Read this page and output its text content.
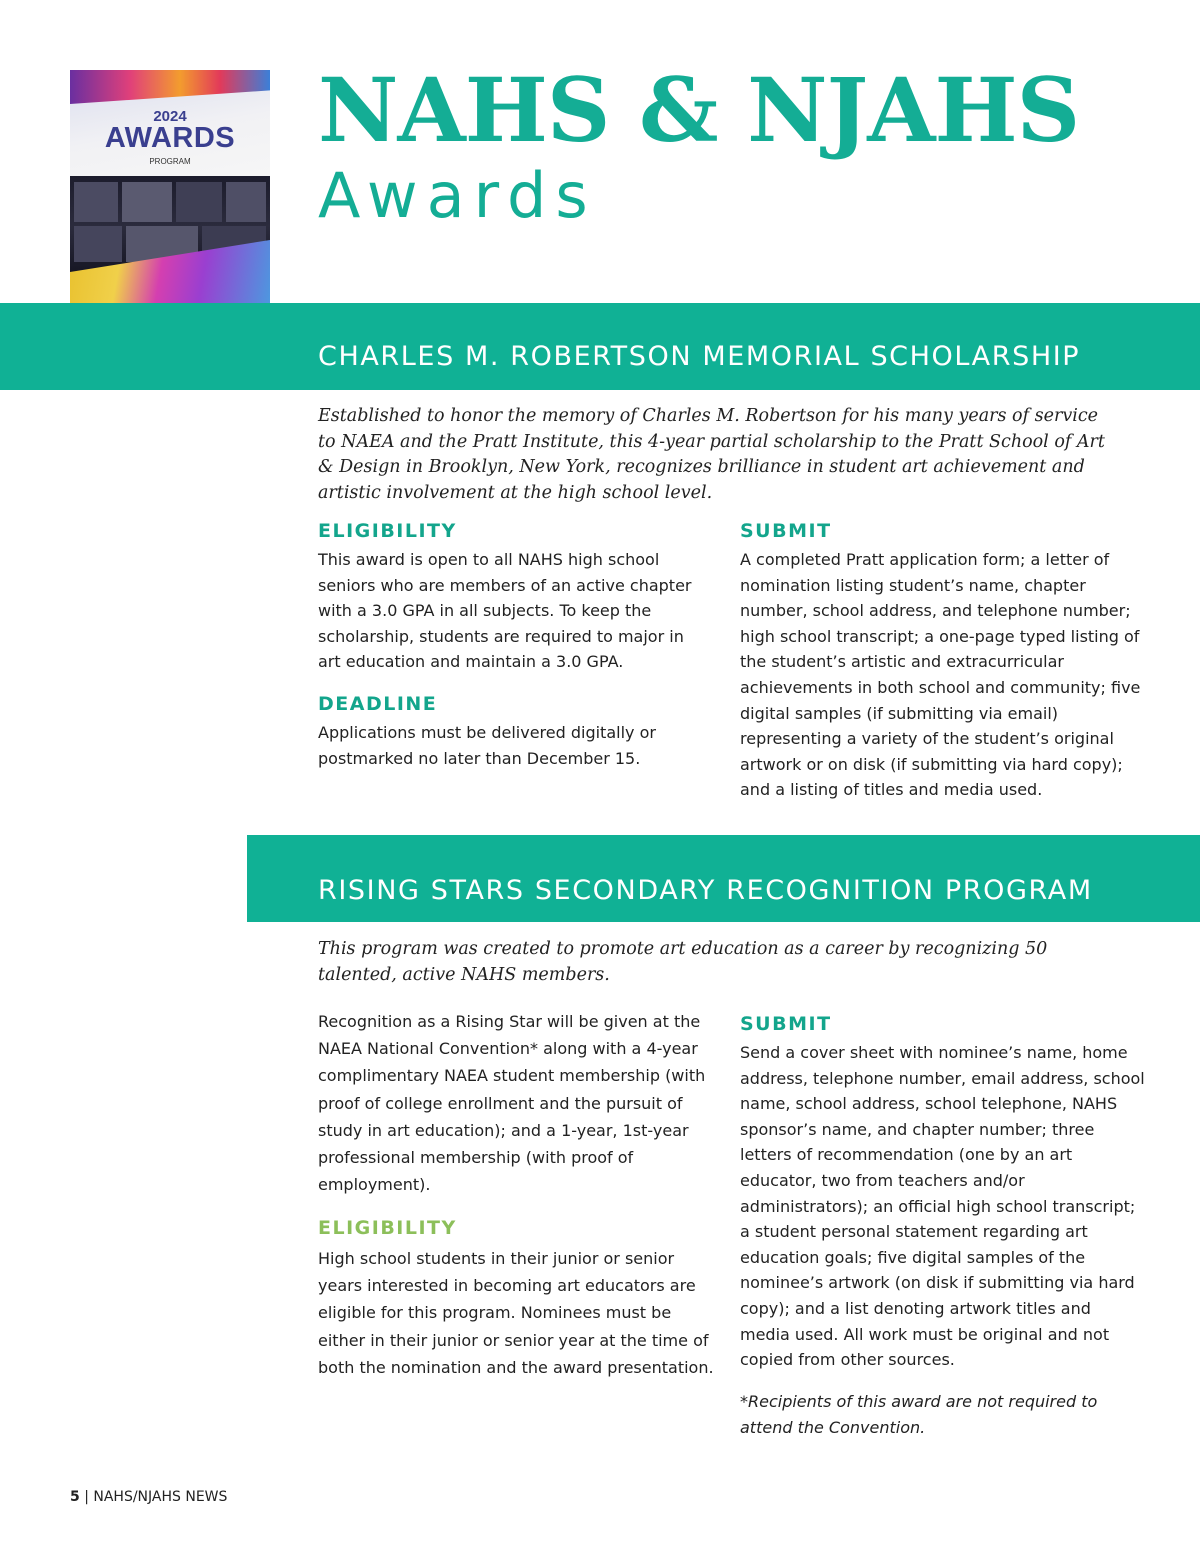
2024
AWARDS
PROGRAM	NAHS & NJAHS
Awards
CHARLES M. ROBERTSON MEMORIAL SCHOLARSHIP
Established to honor the memory of Charles M. Robertson for his many years of service to NAEA and the Pratt Institute, this 4-year partial scholarship to the Pratt School of Art & Design in Brooklyn, New York, recognizes brilliance in student art achievement and artistic involvement at the high school level.
ELIGIBILITY
This award is open to all NAHS high school seniors who are members of an active chapter with a 3.0 GPA in all subjects. To keep the scholarship, students are required to major in art education and maintain a 3.0 GPA.
DEADLINE
Applications must be delivered digitally or postmarked no later than December 15.
SUBMIT
A completed Pratt application form; a letter of nomination listing student’s name, chapter number, school address, and telephone number; high school transcript; a one-page typed listing of the student’s artistic and extracurricular achievements in both school and community; five digital samples (if submitting via email) representing a variety of the student’s original artwork or on disk (if submitting via hard copy); and a listing of titles and media used.
RISING STARS SECONDARY RECOGNITION PROGRAM
This program was created to promote art education as a career by recognizing 50 talented, active NAHS members.
Recognition as a Rising Star will be given at the NAEA National Convention* along with a 4-year complimentary NAEA student membership (with proof of college enrollment and the pursuit of study in art education); and a 1-year, 1st-year professional membership (with proof of employment).
ELIGIBILITY
High school students in their junior or senior years interested in becoming art educators are eligible for this program. Nominees must be either in their junior or senior year at the time of both the nomination and the award presentation.
SUBMIT
Send a cover sheet with nominee’s name, home address, telephone number, email address, school name, school address, school telephone, NAHS sponsor’s name, and chapter number; three letters of recommendation (one by an art educator, two from teachers and/or administrators); an official high school transcript; a student personal statement regarding art education goals; five digital samples of the nominee’s artwork (on disk if submitting via hard copy); and a list denoting artwork titles and media used. All work must be original and not copied from other sources.
*Recipients of this award are not required to attend the Convention.
5 | NAHS/NJAHS NEWS
